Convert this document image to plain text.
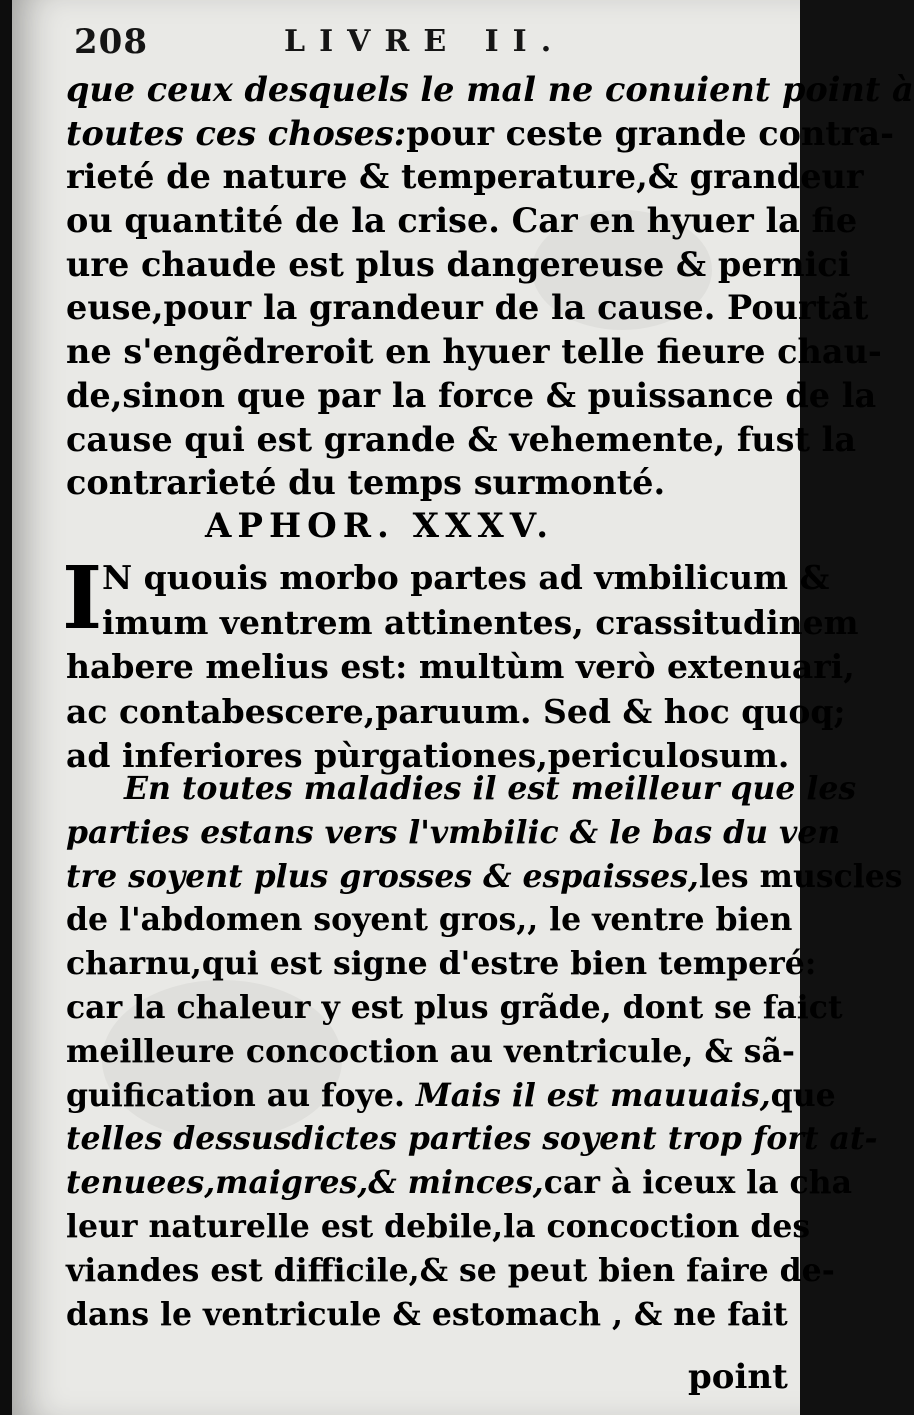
208	LIVRE II.
que ceux desquels le mal ne conuient point à
toutes ces choses:pour ceste grande contra-
rieté de nature & temperature,& grandeur
ou quantité de la crise. Car en hyuer la fie
ure chaude est plus dangereuse & pernici
euse,pour la grandeur de la cause. Pourtãt
ne s'engẽdreroit en hyuer telle fieure chau-
de,sinon que par la force & puissance de la
cause qui est grande & vehemente, fust la
contrarieté du temps surmonté.
APHOR. XXXV.
I N quouis morbo partes ad vmbilicum &
imum ventrem attinentes, crassitudinem
habere melius est: multùm verò extenuari,
ac contabescere,paruum. Sed & hoc quoq;
ad inferiores pùrgationes,periculosum.
En toutes maladies il est meilleur que les
parties estans vers l'vmbilic & le bas du ven
tre soyent plus grosses & espaisses,les muscles
de l'abdomen soyent gros,, le ventre bien
charnu,qui est signe d'estre bien temperé:
car la chaleur y est plus grãde, dont se faict
meilleure concoction au ventricule, & sã-
guification au foye. Mais il est mauuais,que
telles dessusdictes parties soyent trop fort at-
tenuees,maigres,& minces,car à iceux la cha
leur naturelle est debile,la concoction des
viandes est difficile,& se peut bien faire de-
dans le ventricule & estomach , & ne fait
point
